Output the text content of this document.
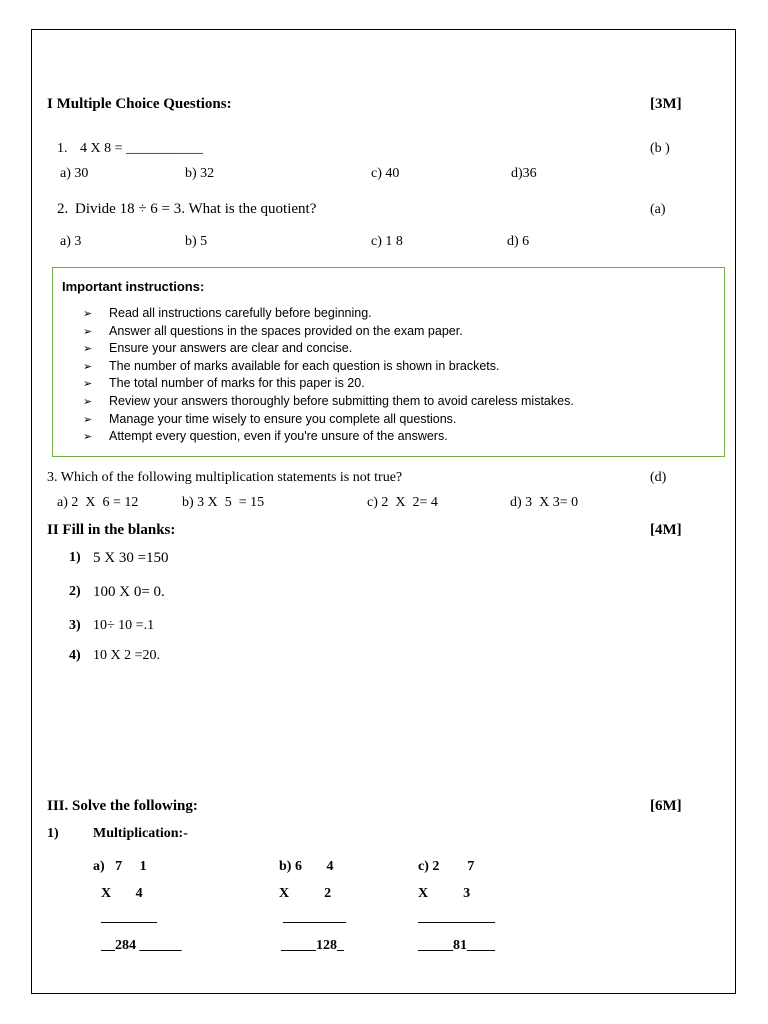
I Multiple Choice Questions:	[3M]
1. 4 X 8 = ___________	(b )
a) 30	b) 32	c) 40	d)36
2. Divide 18 ÷ 6 = 3. What is the quotient?	(a)
a) 3	b) 5	c) 1 8	d) 6
Important instructions:
➢ Read all instructions carefully before beginning.
➢ Answer all questions in the spaces provided on the exam paper.
➢ Ensure your answers are clear and concise.
➢ The number of marks available for each question is shown in brackets.
➢ The total number of marks for this paper is 20.
➢ Review your answers thoroughly before submitting them to avoid careless mistakes.
➢ Manage your time wisely to ensure you complete all questions.
➢ Attempt every question, even if you're unsure of the answers.
3. Which of the following multiplication statements is not true?	(d)
a) 2  X  6 = 12	b) 3 X  5  = 15	c) 2  X  2= 4	d) 3  X 3= 0
II Fill in the blanks:	[4M]
1) 5 X 30 =150
2) 100 X 0= 0.
3) 10÷ 10 =.1
4) 10 X 2 =20.
III. Solve the following:	[6M]
1) Multiplication:-
a)   7     1
X       4
________
__284 ______
b) 6       4
X          2
_________
_____128_
c) 2        7
X          3
___________
_____81____
